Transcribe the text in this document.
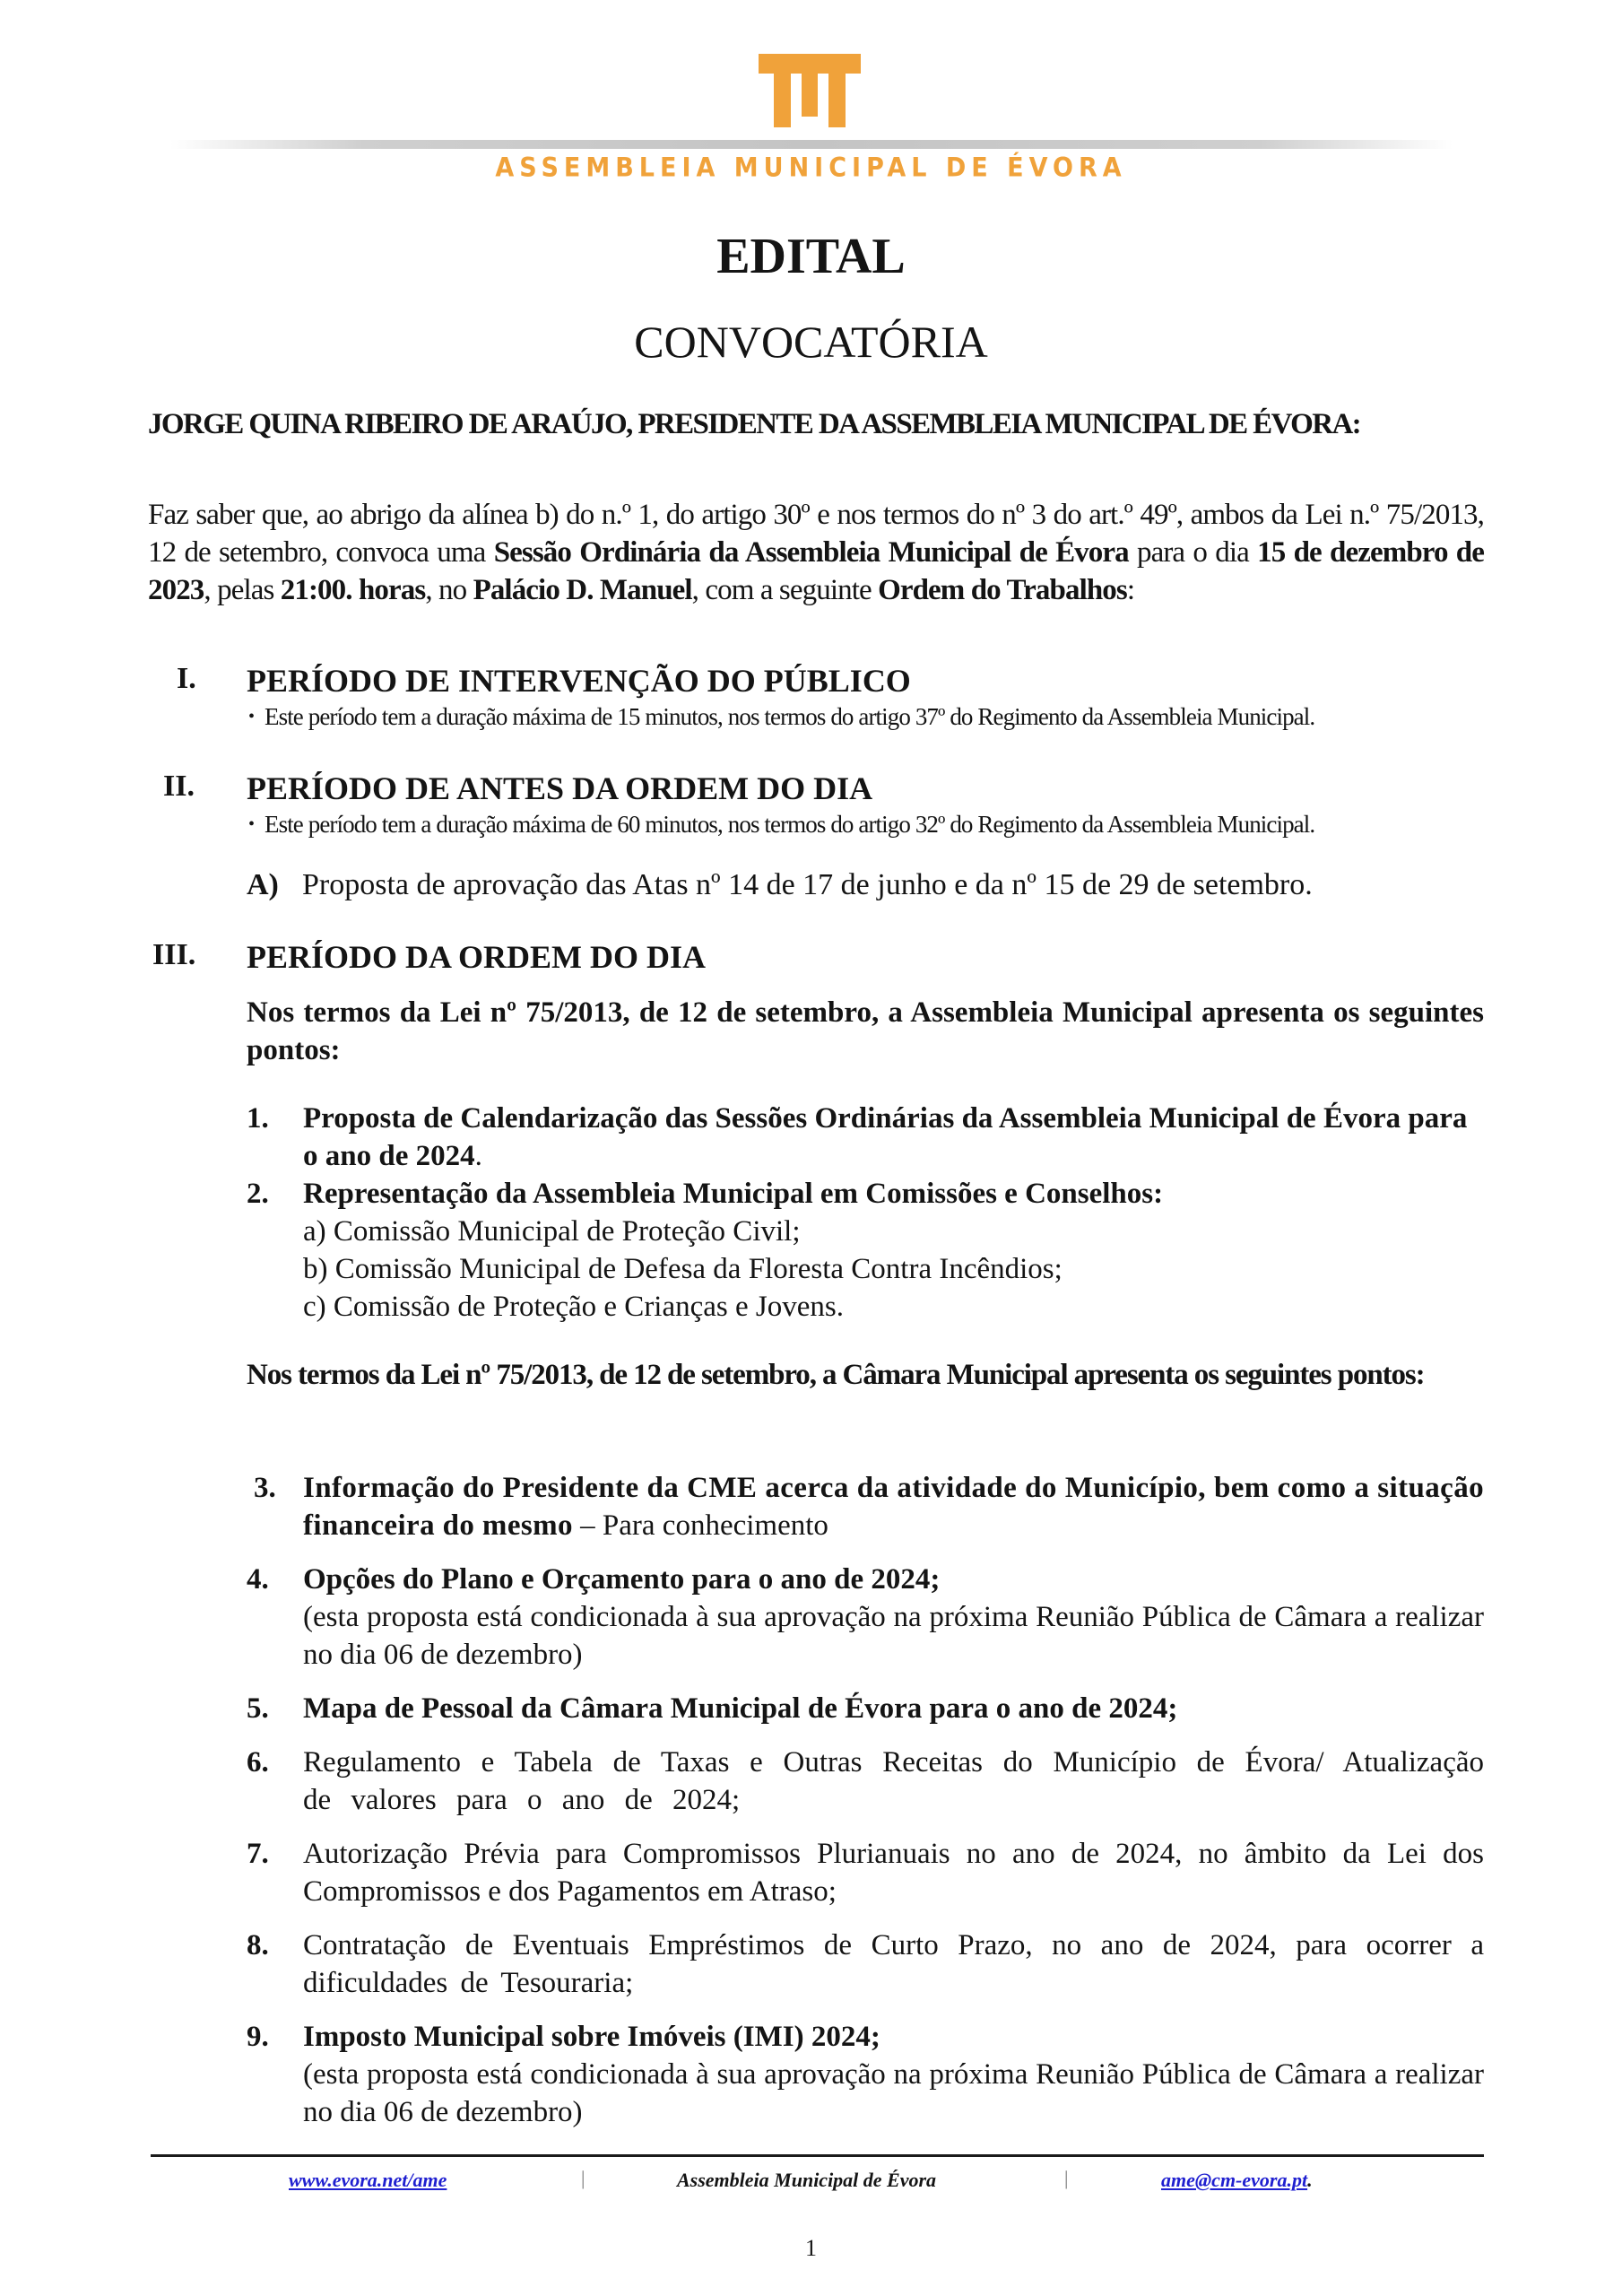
ASSEMBLEIA MUNICIPAL DE ÉVORA
EDITAL
CONVOCATÓRIA
JORGE QUINA RIBEIRO DE ARAÚJO, PRESIDENTE DA ASSEMBLEIA MUNICIPAL DE ÉVORA:

Faz saber que, ao abrigo da alínea b) do n.º 1, do artigo 30º e nos termos do nº 3 do art.º 49º, ambos da Lei n.º 75/2013, 12 de setembro, convoca uma Sessão Ordinária da Assembleia Municipal de Évora para o dia 15 de dezembro de 2023, pelas 21:00. horas, no Palácio D. Manuel, com a seguinte Ordem do Trabalhos:

I. PERÍODO DE INTERVENÇÃO DO PÚBLICO
• Este período tem a duração máxima de 15 minutos, nos termos do artigo 37º do Regimento da Assembleia Municipal.
II. PERÍODO DE ANTES DA ORDEM DO DIA
• Este período tem a duração máxima de 60 minutos, nos termos do artigo 32º do Regimento da Assembleia Municipal.
A) Proposta de aprovação das Atas nº 14 de 17 de junho e da nº 15 de 29 de setembro.
III. PERÍODO DA ORDEM DO DIA
Nos termos da Lei nº 75/2013, de 12 de setembro, a Assembleia Municipal apresenta os seguintes pontos:
1. Proposta de Calendarização das Sessões Ordinárias da Assembleia Municipal de Évora para o ano de 2024.
2. Representação da Assembleia Municipal em Comissões e Conselhos:
a) Comissão Municipal de Proteção Civil;
b) Comissão Municipal de Defesa da Floresta Contra Incêndios;
c) Comissão de Proteção e Crianças e Jovens.
Nos termos da Lei nº 75/2013, de 12 de setembro, a Câmara Municipal apresenta os seguintes pontos:
3. Informação do Presidente da CME acerca da atividade do Município, bem como a situação financeira do mesmo – Para conhecimento
4. Opções do Plano e Orçamento para o ano de 2024;
(esta proposta está condicionada à sua aprovação na próxima Reunião Pública de Câmara a realizar no dia 06 de dezembro)
5. Mapa de Pessoal da Câmara Municipal de Évora para o ano de 2024;
6. Regulamento e Tabela de Taxas e Outras Receitas do Município de Évora/ Atualização de valores para o ano de 2024;
7. Autorização Prévia para Compromissos Plurianuais no ano de 2024, no âmbito da Lei dos Compromissos e dos Pagamentos em Atraso;
8. Contratação de Eventuais Empréstimos de Curto Prazo, no ano de 2024, para ocorrer a dificuldades de Tesouraria;
9. Imposto Municipal sobre Imóveis (IMI) 2024;
(esta proposta está condicionada à sua aprovação na próxima Reunião Pública de Câmara a realizar no dia 06 de dezembro)
www.evora.net/ame	|	Assembleia Municipal de Évora	|	ame@cm-evora.pt.
1
